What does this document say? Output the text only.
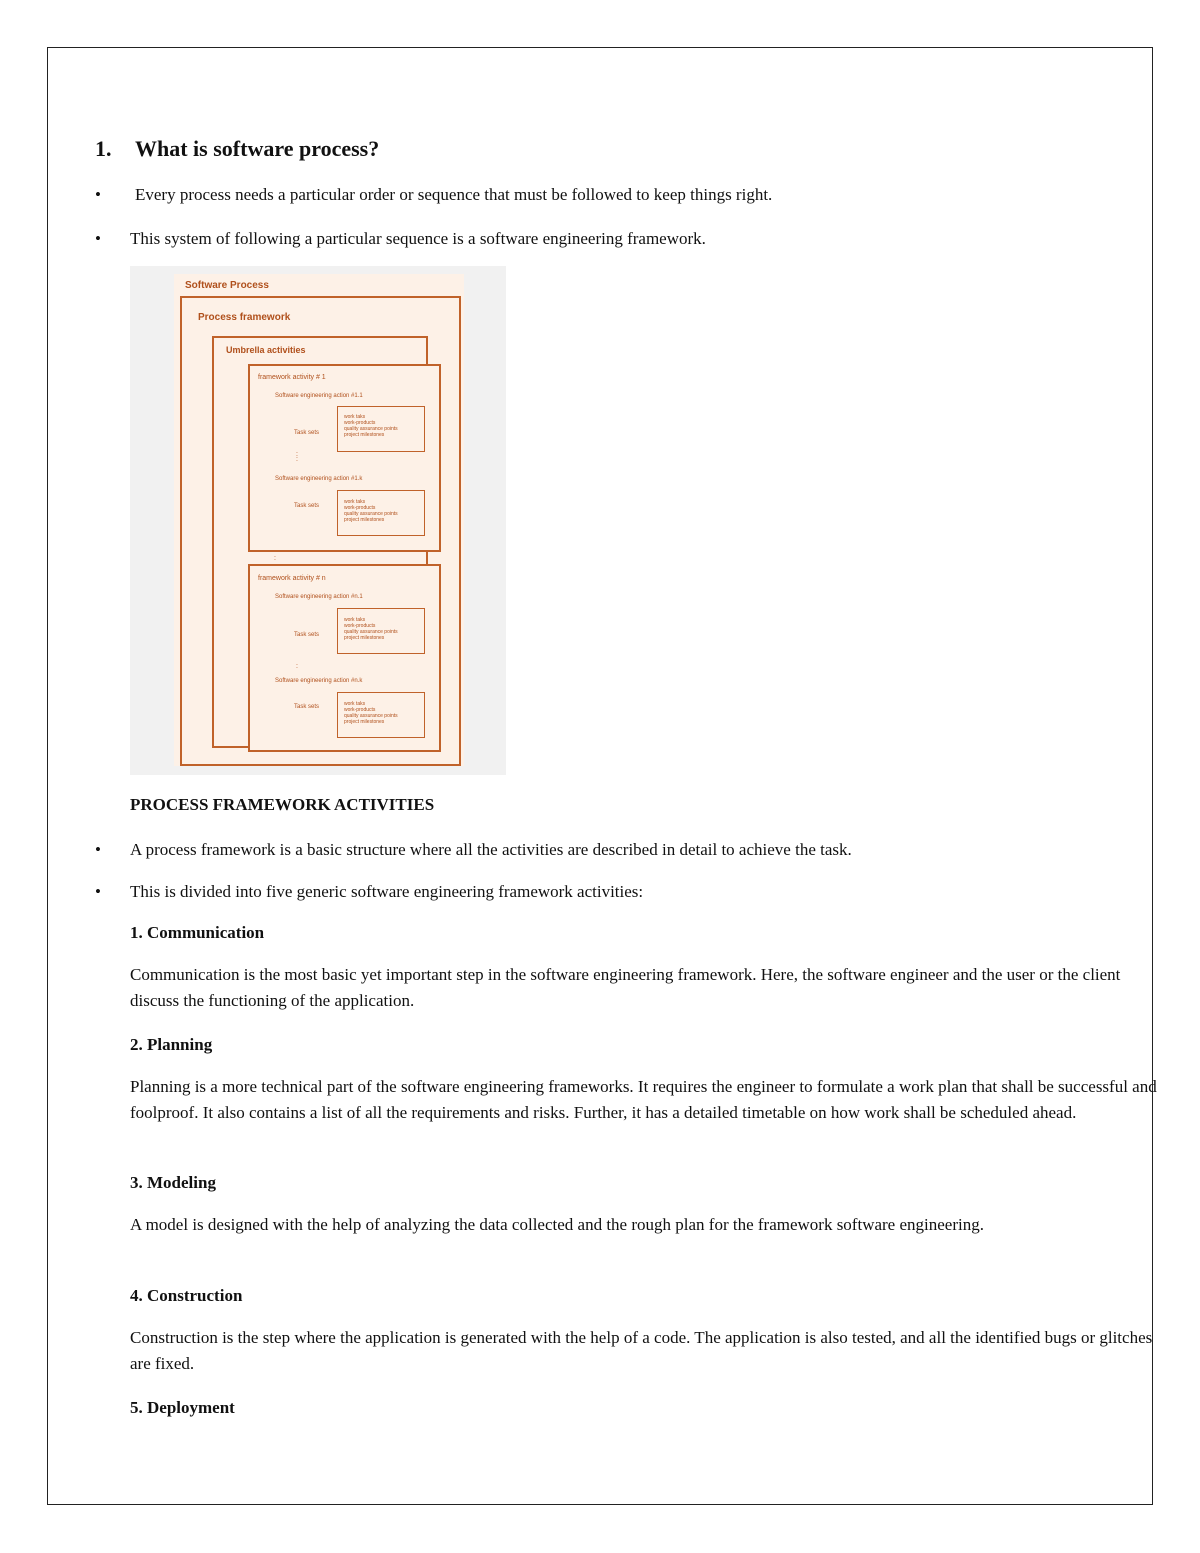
1.	What is software process?
•	Every process needs a particular order or sequence that must be followed to keep things right.
•	This system of following a particular sequence is a software engineering framework.
Software Process
Process framework
Umbrella activities
framework activity # 1
Software engineering action #1.1
Task sets
work taks
work-products
quality assurance points
project milestones
:
:
Software engineering action #1.k
Task sets
work taks
work-products
quality assurance points
project milestones
:
framework activity # n
Software engineering action #n.1
Task sets
work taks
work-products
quality assurance points
project milestones
:
Software engineering action #n.k
Task sets	work taks
work-products
quality assurance points
project milestones
PROCESS FRAMEWORK ACTIVITIES
•	A process framework is a basic structure where all the activities are described in detail to achieve the task.
•	This is divided into five generic software engineering framework activities:
1. Communication
Communication is the most basic yet important step in the software engineering framework. Here, the software engineer and the user or the client discuss the functioning of the application.
2. Planning
Planning is a more technical part of the software engineering frameworks. It requires the engineer to formulate a work plan that shall be successful and foolproof. It also contains a list of all the requirements and risks. Further, it has a detailed timetable on how work shall be scheduled ahead.
3. Modeling
A model is designed with the help of analyzing the data collected and the rough plan for the framework software engineering.
4. Construction
Construction is the step where the application is generated with the help of a code. The application is also tested, and all the identified bugs or glitches are fixed.
5. Deployment
